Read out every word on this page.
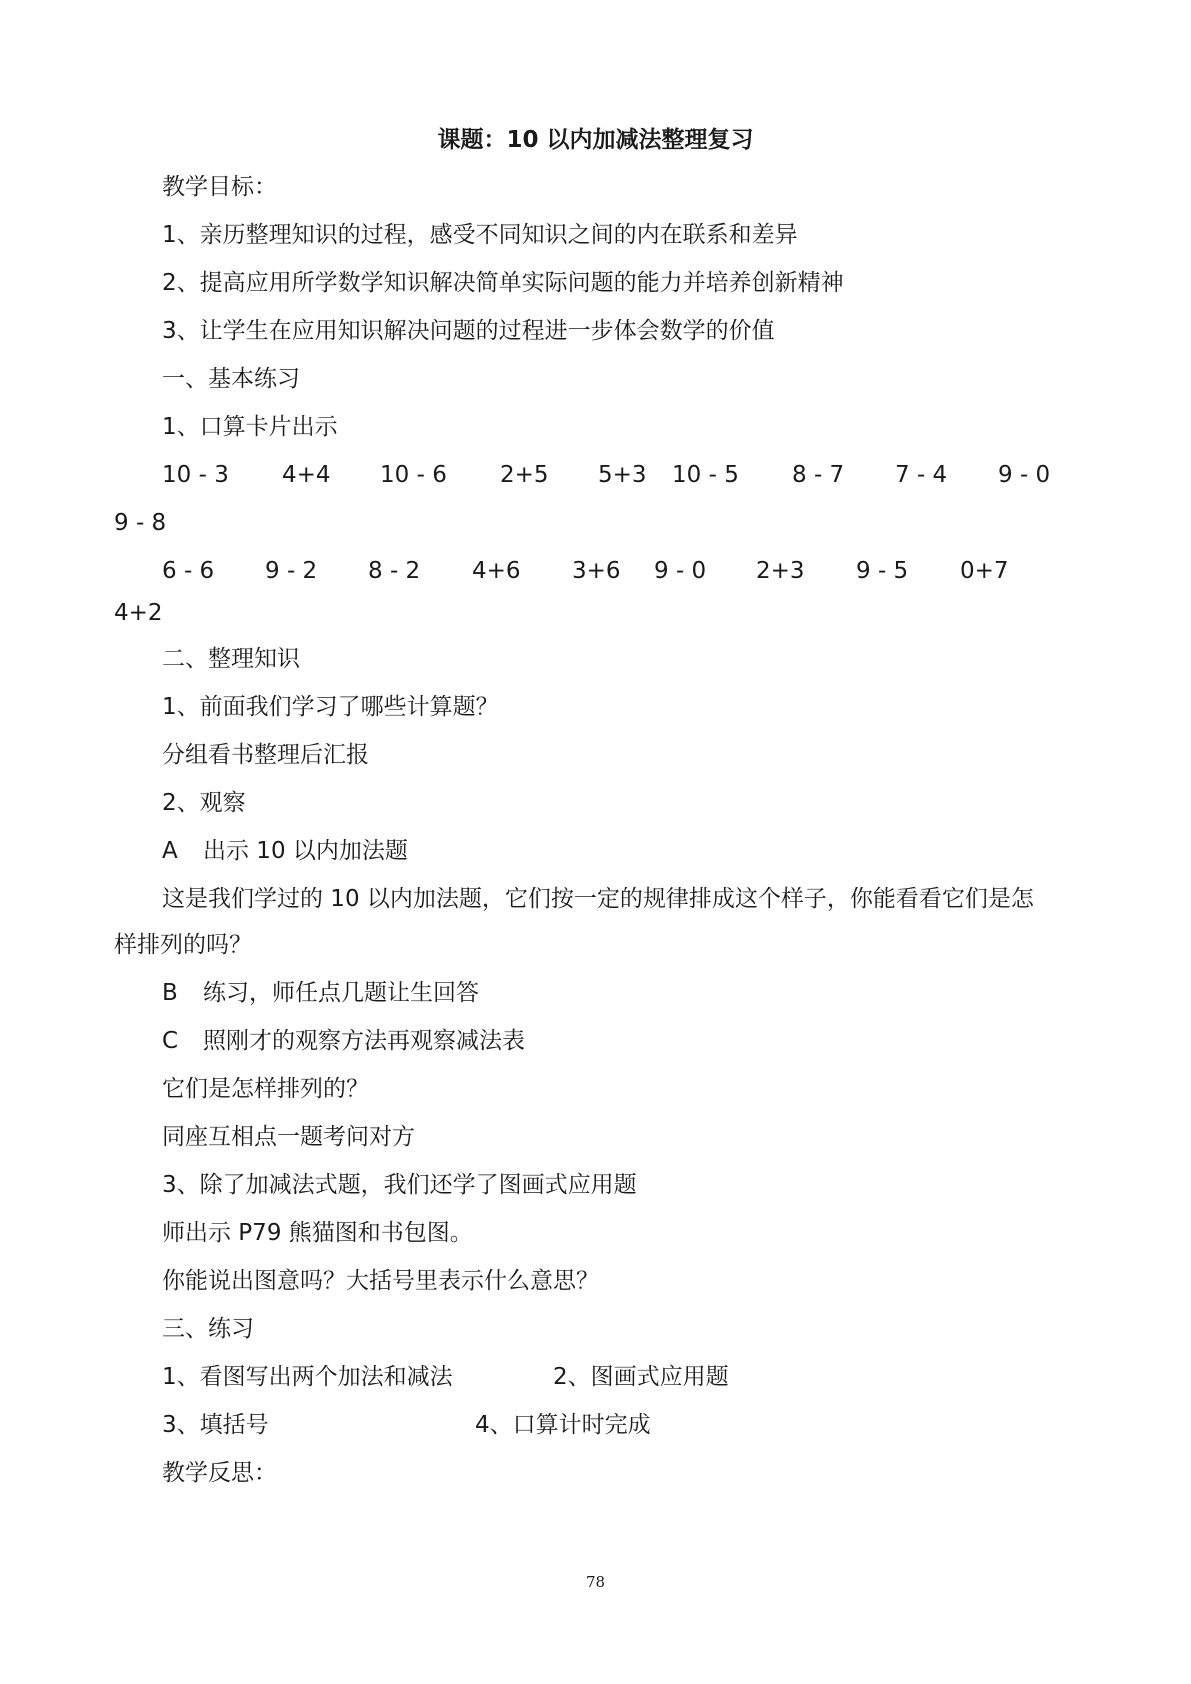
课题：10 以内加减法整理复习
教学目标：
1、亲历整理知识的过程，感受不同知识之间的内在联系和差异
2、提高应用所学数学知识解决简单实际问题的能力并培养创新精神
3、让学生在应用知识解决问题的过程进一步体会数学的价值
一、基本练习
1、口算卡片出示
10 - 3 4+4 10 - 6 2+5 5+3 10 - 5 8 - 7 7 - 4 9 - 0
9 - 8
6 - 6 9 - 2 8 - 2 4+6 3+6 9 - 0 2+3 9 - 5 0+7
4+2
二、整理知识
1、前面我们学习了哪些计算题？
分组看书整理后汇报
2、观察
A 出示 10 以内加法题
这是我们学过的 10 以内加法题，它们按一定的规律排成这个样子，你能看看它们是怎
样排列的吗？
B 练习，师任点几题让生回答
C 照刚才的观察方法再观察减法表
它们是怎样排列的？
同座互相点一题考问对方
3、除了加减法式题，我们还学了图画式应用题
师出示 P79 熊猫图和书包图。
你能说出图意吗？大括号里表示什么意思？
三、练习
1、看图写出两个加法和减法	2、图画式应用题
3、填括号	4、口算计时完成
教学反思：
78
